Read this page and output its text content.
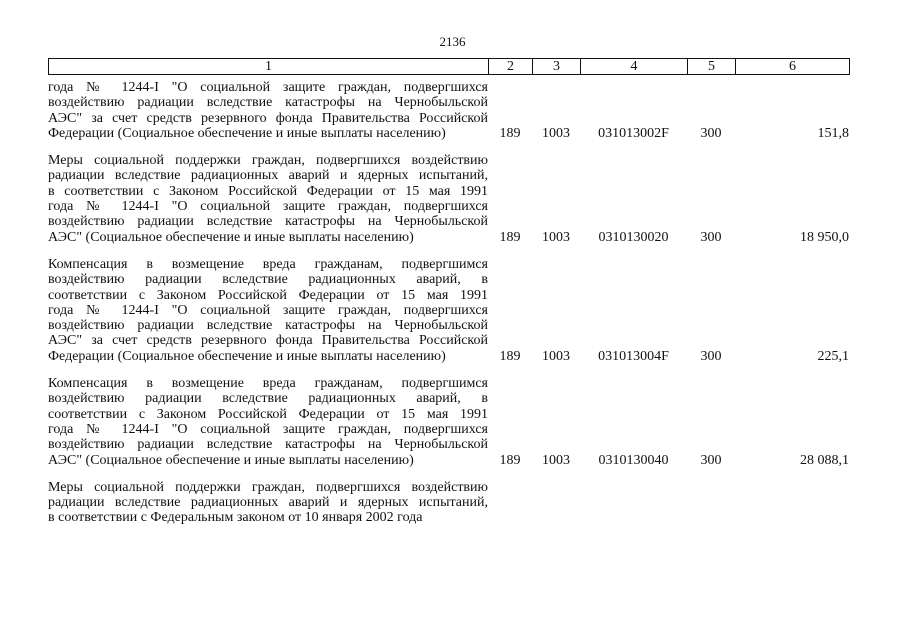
2136
1	2	3	4	5	6
года № 1244-I "О социальной защите граждан, подвергшихся
воздействию радиации вследствие катастрофы на Чернобыльской
АЭС" за счет средств резервного фонда Правительства Российской
Федерации (Социальное обеспечение и иные выплаты населению)	189	1003	031013002F	300	151,8
Меры социальной поддержки граждан, подвергшихся воздействию
радиации вследствие радиационных аварий и ядерных испытаний,
в соответствии с Законом Российской Федерации от 15 мая 1991
года № 1244-I "О социальной защите граждан, подвергшихся
воздействию радиации вследствие катастрофы на Чернобыльской
АЭС" (Социальное обеспечение и иные выплаты населению)	189	1003	0310130020	300	18 950,0
Компенсация в возмещение вреда гражданам, подвергшимся
воздействию радиации вследствие радиационных аварий, в
соответствии с Законом Российской Федерации от 15 мая 1991
года № 1244-I "О социальной защите граждан, подвергшихся
воздействию радиации вследствие катастрофы на Чернобыльской
АЭС" за счет средств резервного фонда Правительства Российской
Федерации (Социальное обеспечение и иные выплаты населению)	189	1003	031013004F	300	225,1
Компенсация в возмещение вреда гражданам, подвергшимся
воздействию радиации вследствие радиационных аварий, в
соответствии с Законом Российской Федерации от 15 мая 1991
года № 1244-I "О социальной защите граждан, подвергшихся
воздействию радиации вследствие катастрофы на Чернобыльской
АЭС" (Социальное обеспечение и иные выплаты населению)	189	1003	0310130040	300	28 088,1
Меры социальной поддержки граждан, подвергшихся воздействию
радиации вследствие радиационных аварий и ядерных испытаний,
в соответствии с Федеральным законом от 10 января 2002 года
